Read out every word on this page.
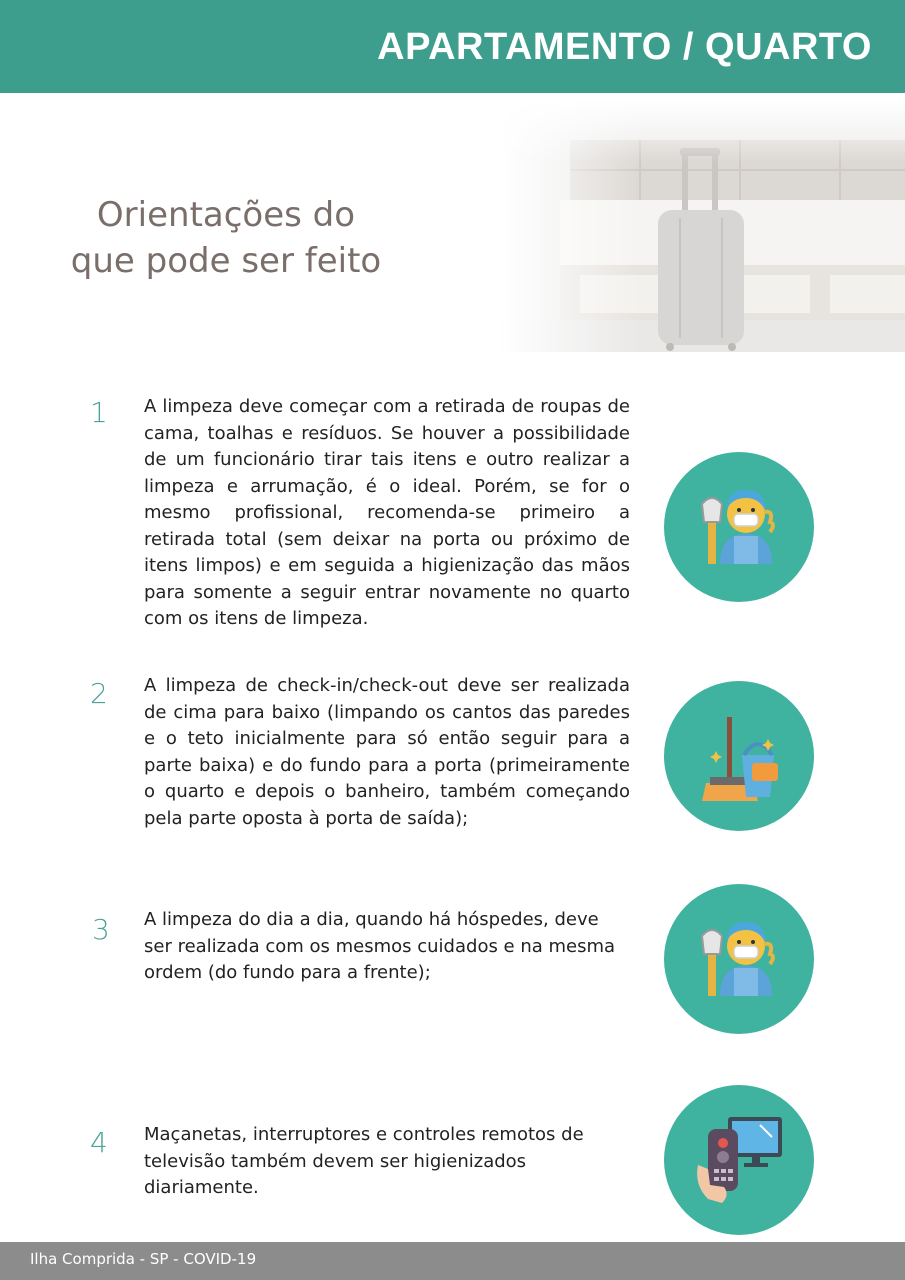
APARTAMENTO / QUARTO
Orientações do
que pode ser feito
1 A limpeza deve começar com a retirada de roupas de cama, toalhas e resíduos. Se houver a possibilidade de um funcionário tirar tais itens e outro realizar a limpeza e arrumação, é o ideal. Porém, se for o mesmo profissional, recomenda-se primeiro a retirada total (sem deixar na porta ou próximo de itens limpos) e em seguida a higienização das mãos para somente a seguir entrar novamente no quarto com os itens de limpeza.

2 A limpeza de check-in/check-out deve ser realizada de cima para baixo (limpando os cantos das paredes e o teto inicialmente para só então seguir para a parte baixa) e do fundo para a porta (primeiramente o quarto e depois o banheiro, também começando pela parte oposta à porta de saída);

3 A limpeza do dia a dia, quando há hóspedes, deve ser realizada com os mesmos cuidados e na mesma ordem (do fundo para a frente);

4 Maçanetas, interruptores e controles remotos de televisão também devem ser higienizados diariamente.

Ilha Comprida - SP - COVID-19
